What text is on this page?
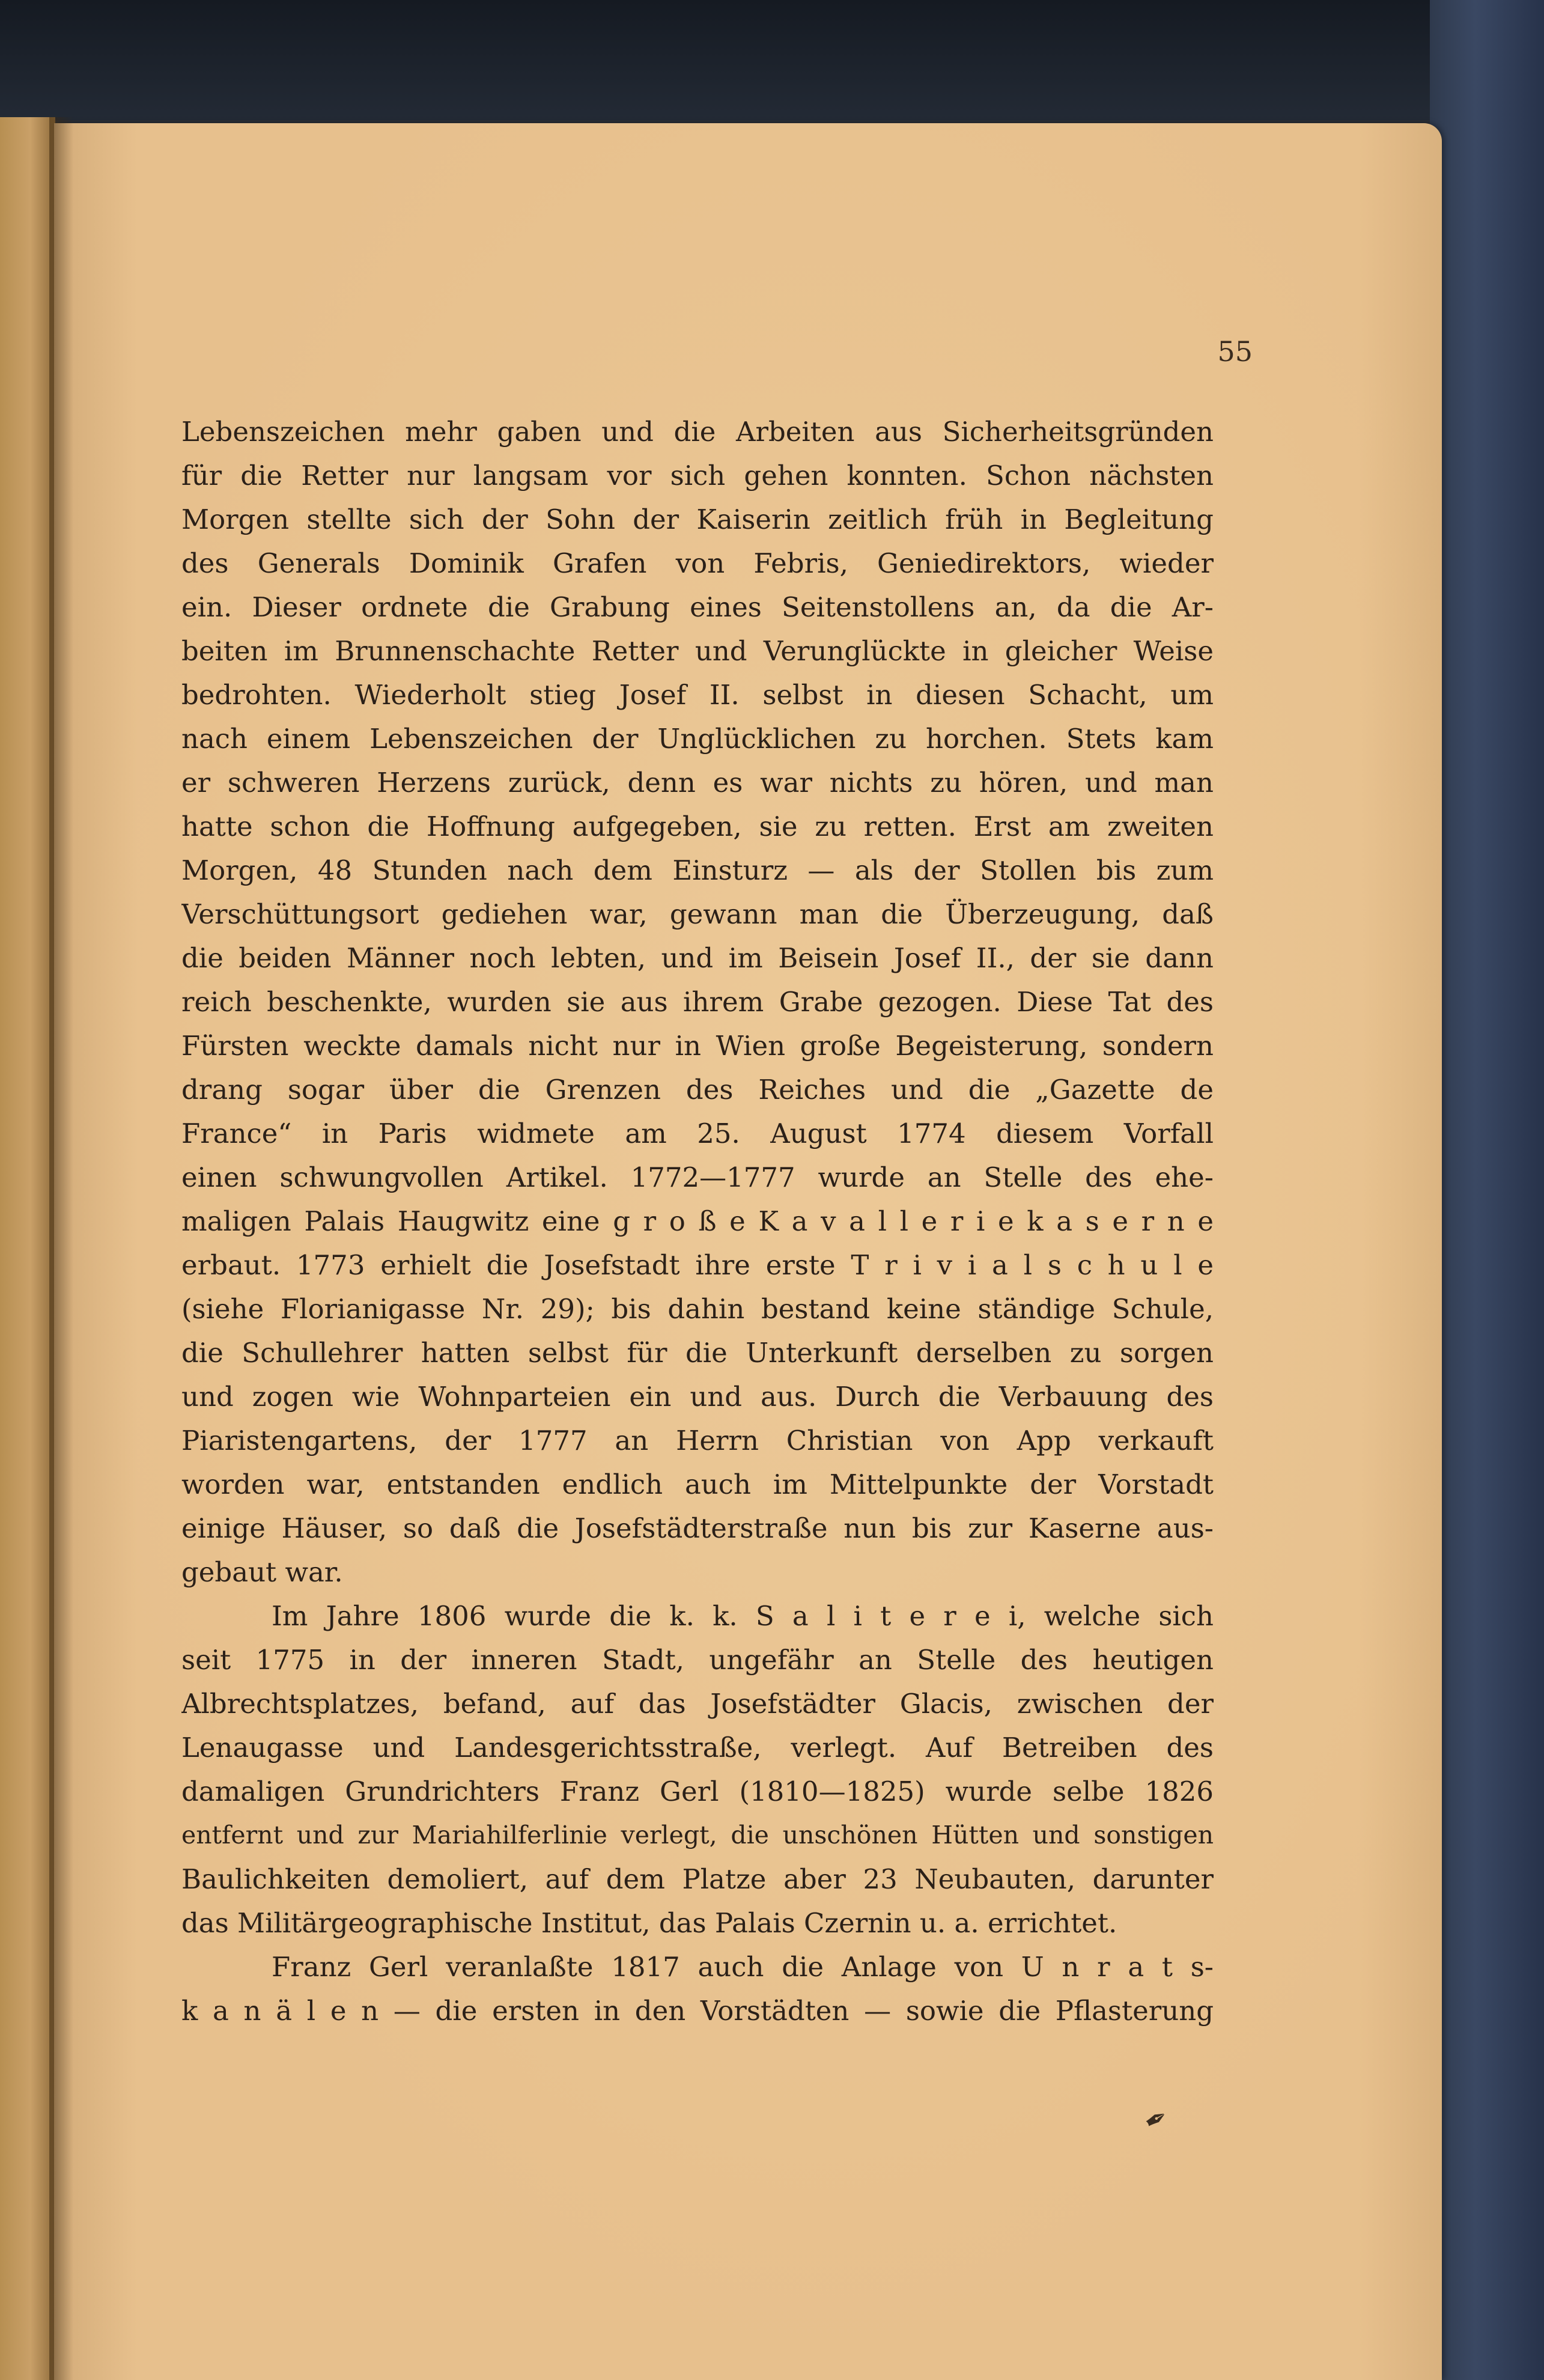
55
Lebenszeichen mehr gaben und die Arbeiten aus Sicherheitsgründen
für die Retter nur langsam vor sich gehen konnten. Schon nächsten
Morgen stellte sich der Sohn der Kaiserin zeitlich früh in Begleitung
des Generals Dominik Grafen von Febris, Geniedirektors, wieder
ein. Dieser ordnete die Grabung eines Seitenstollens an, da die Ar-
beiten im Brunnenschachte Retter und Verunglückte in gleicher Weise
bedrohten. Wiederholt stieg Josef II. selbst in diesen Schacht, um
nach einem Lebenszeichen der Unglücklichen zu horchen. Stets kam
er schweren Herzens zurück, denn es war nichts zu hören, und man
hatte schon die Hoffnung aufgegeben, sie zu retten. Erst am zweiten
Morgen, 48 Stunden nach dem Einsturz — als der Stollen bis zum
Verschüttungsort gediehen war, gewann man die Überzeugung, daß
die beiden Männer noch lebten, und im Beisein Josef II., der sie dann
reich beschenkte, wurden sie aus ihrem Grabe gezogen. Diese Tat des
Fürsten weckte damals nicht nur in Wien große Begeisterung, sondern
drang sogar über die Grenzen des Reiches und die „Gazette de
France“ in Paris widmete am 25. August 1774 diesem Vorfall
einen schwungvollen Artikel. 1772—1777 wurde an Stelle des ehe-
maligen Palais Haugwitz eine g r o ß e K a v a l l e r i e k a s e r n e
erbaut. 1773 erhielt die Josefstadt ihre erste T r i v i a l s c h u l e
(siehe Florianigasse Nr. 29); bis dahin bestand keine ständige Schule,
die Schullehrer hatten selbst für die Unterkunft derselben zu sorgen
und zogen wie Wohnparteien ein und aus. Durch die Verbauung des
Piaristengartens, der 1777 an Herrn Christian von App verkauft
worden war, entstanden endlich auch im Mittelpunkte der Vorstadt
einige Häuser, so daß die Josefstädterstraße nun bis zur Kaserne aus-
gebaut war.
Im Jahre 1806 wurde die k. k. S a l i t e r e i, welche sich
seit 1775 in der inneren Stadt, ungefähr an Stelle des heutigen
Albrechtsplatzes, befand, auf das Josefstädter Glacis, zwischen der
Lenaugasse und Landesgerichtsstraße, verlegt. Auf Betreiben des
damaligen Grundrichters Franz Gerl (1810—1825) wurde selbe 1826
entfernt und zur Mariahilferlinie verlegt, die unschönen Hütten und sonstigen
Baulichkeiten demoliert, auf dem Platze aber 23 Neubauten, darunter
das Militärgeographische Institut, das Palais Czernin u. a. errichtet.
Franz Gerl veranlaßte 1817 auch die Anlage von U n r a t s-
k a n ä l e n — die ersten in den Vorstädten — sowie die Pflasterung
✒
